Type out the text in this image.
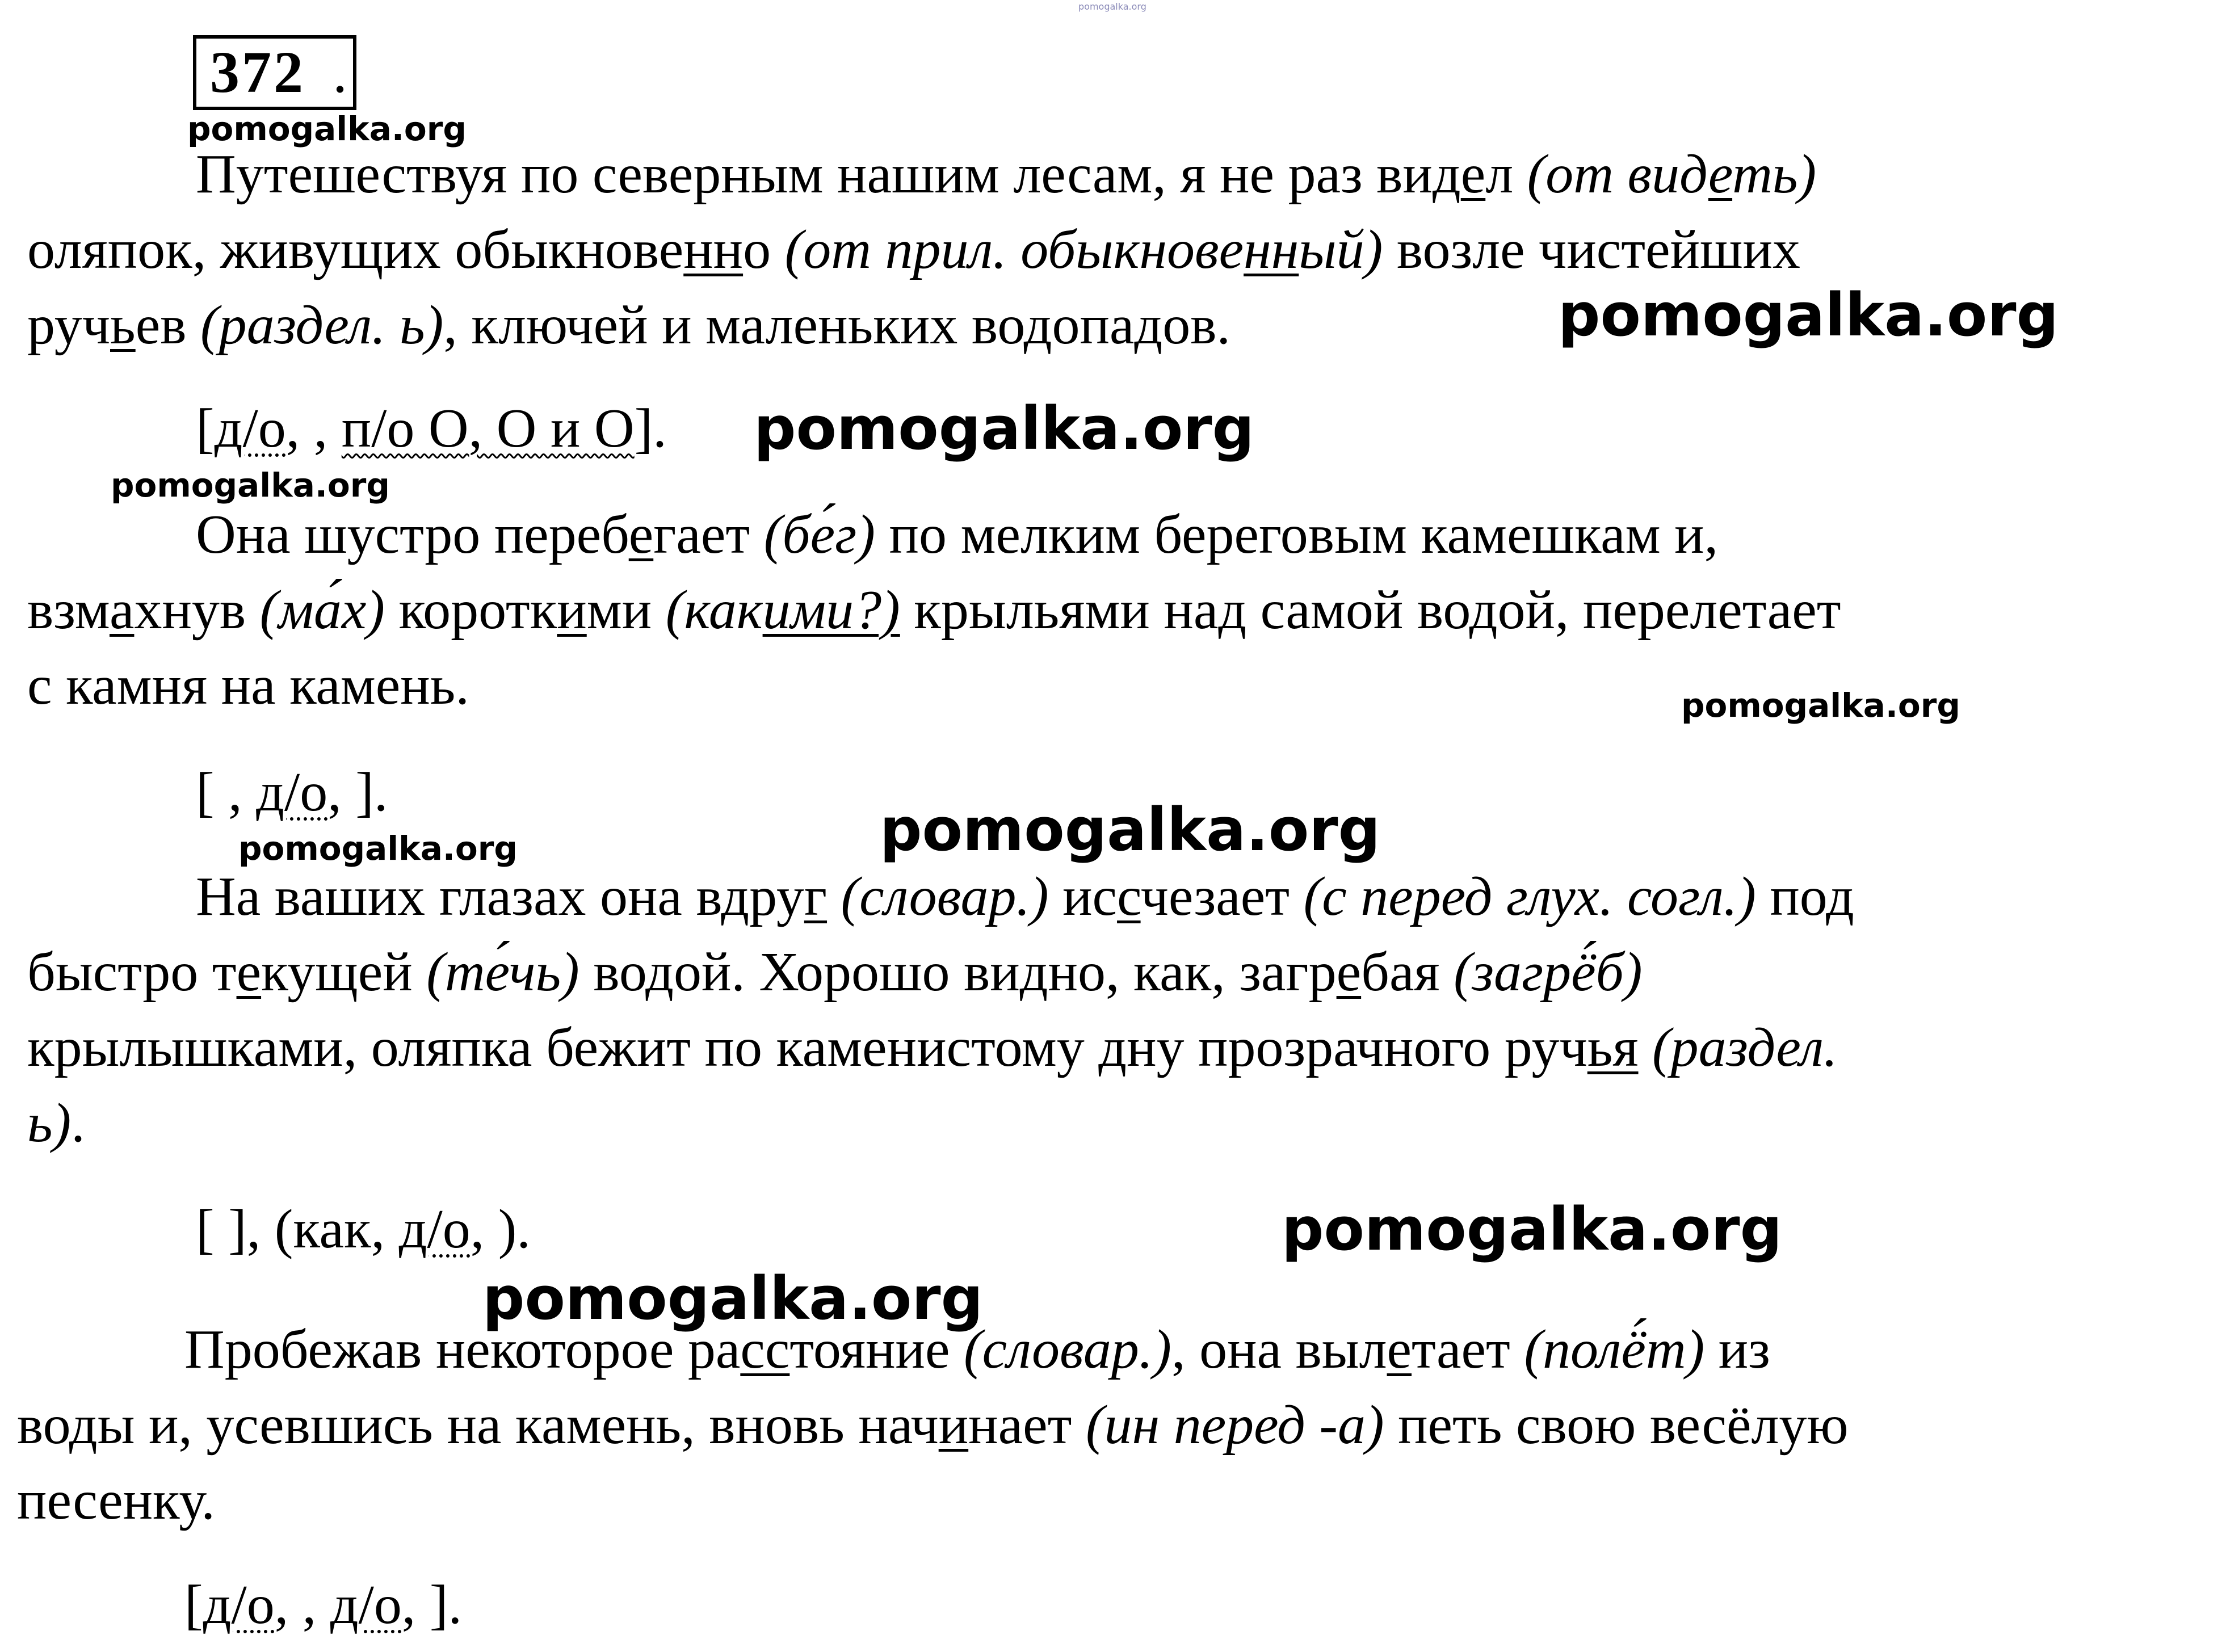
372 .
pomogalka.org
pomogalka.org
pomogalka.org
pomogalka.org
pomogalka.org
pomogalka.org
pomogalka.org
pomogalka.org
pomogalka.org
pomogalka.org
Путешествуя по северным нашим лесам, я не раз видел (от видеть)
оляпок, живущих обыкновенно (от прил. обыкновенный) возле чистейших
ручьев (раздел. ь), ключей и маленьких водопадов.
[д/о, , п/о О, О и О].
Она шустро перебегает (бе́г) по мелким береговым камешкам и,
взмахнув (ма́х) короткими (какими?) крыльями над самой водой, перелетает
с камня на камень.
[ , д/о, ].
На ваших глазах она вдруг (словар.) иссчезает (с перед глух. согл.) под
быстро текущей (те́чь) водой. Хорошо видно, как, загребая (загрё́б)
крылышками, оляпка бежит по каменистому дну прозрачного ручья (раздел.
ь).
[ ], (как, д/о, ).
Пробежав некоторое расстояние (словар.), она вылетает (полё́т) из
воды и, усевшись на камень, вновь начинает (ин перед -а) петь свою весёлую
песенку.
[д/о, , д/о, ].
